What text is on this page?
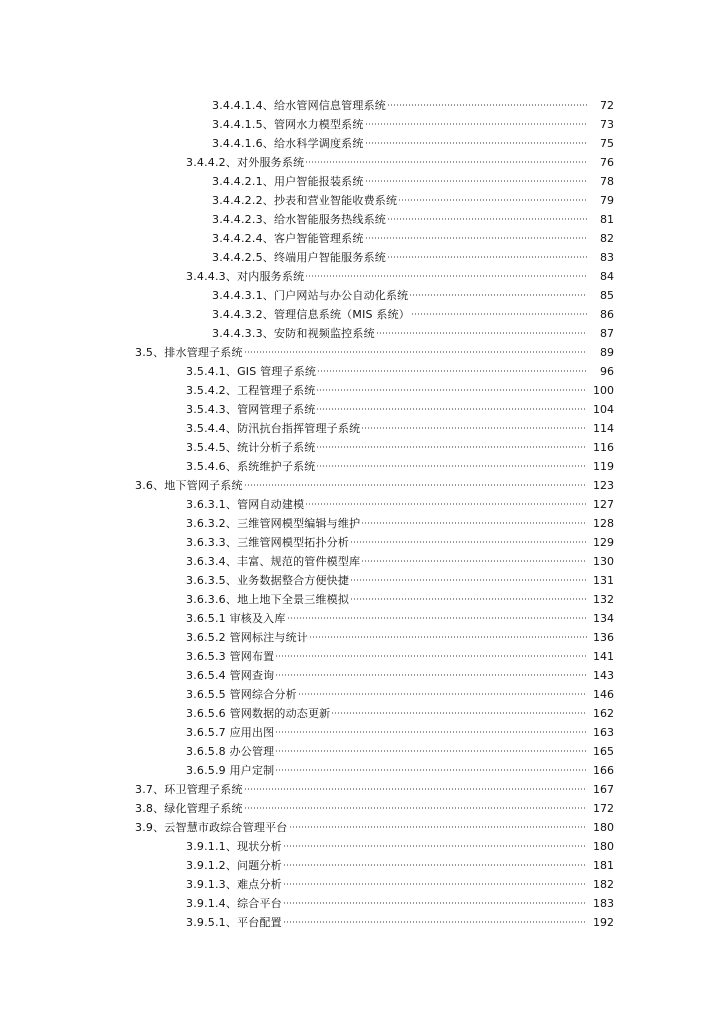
3.4.4.1.4、给水管网信息管理系统	72
3.4.4.1.5、管网水力模型系统	73
3.4.4.1.6、给水科学调度系统	75
3.4.4.2、对外服务系统	76
3.4.4.2.1、用户智能报装系统	78
3.4.4.2.2、抄表和营业智能收费系统	79
3.4.4.2.3、给水智能服务热线系统	81
3.4.4.2.4、客户智能管理系统	82
3.4.4.2.5、终端用户智能服务系统	83
3.4.4.3、对内服务系统	84
3.4.4.3.1、门户网站与办公自动化系统	85
3.4.4.3.2、管理信息系统（MIS 系统）	86
3.4.4.3.3、安防和视频监控系统	87
3.5、排水管理子系统	89
3.5.4.1、GIS 管理子系统	96
3.5.4.2、工程管理子系统	100
3.5.4.3、管网管理子系统	104
3.5.4.4、防汛抗台指挥管理子系统	114
3.5.4.5、统计分析子系统	116
3.5.4.6、系统维护子系统	119
3.6、地下管网子系统	123
3.6.3.1、管网自动建模	127
3.6.3.2、三维管网模型编辑与维护	128
3.6.3.3、三维管网模型拓扑分析	129
3.6.3.4、丰富、规范的管件模型库	130
3.6.3.5、业务数据整合方便快捷	131
3.6.3.6、地上地下全景三维模拟	132
3.6.5.1 审核及入库	134
3.6.5.2 管网标注与统计	136
3.6.5.3 管网布置	141
3.6.5.4 管网查询	143
3.6.5.5 管网综合分析	146
3.6.5.6 管网数据的动态更新	162
3.6.5.7 应用出图	163
3.6.5.8 办公管理	165
3.6.5.9 用户定制	166
3.7、环卫管理子系统	167
3.8、绿化管理子系统	172
3.9、云智慧市政综合管理平台	180
3.9.1.1、现状分析	180
3.9.1.2、问题分析	181
3.9.1.3、难点分析	182
3.9.1.4、综合平台	183
3.9.5.1、平台配置	192
